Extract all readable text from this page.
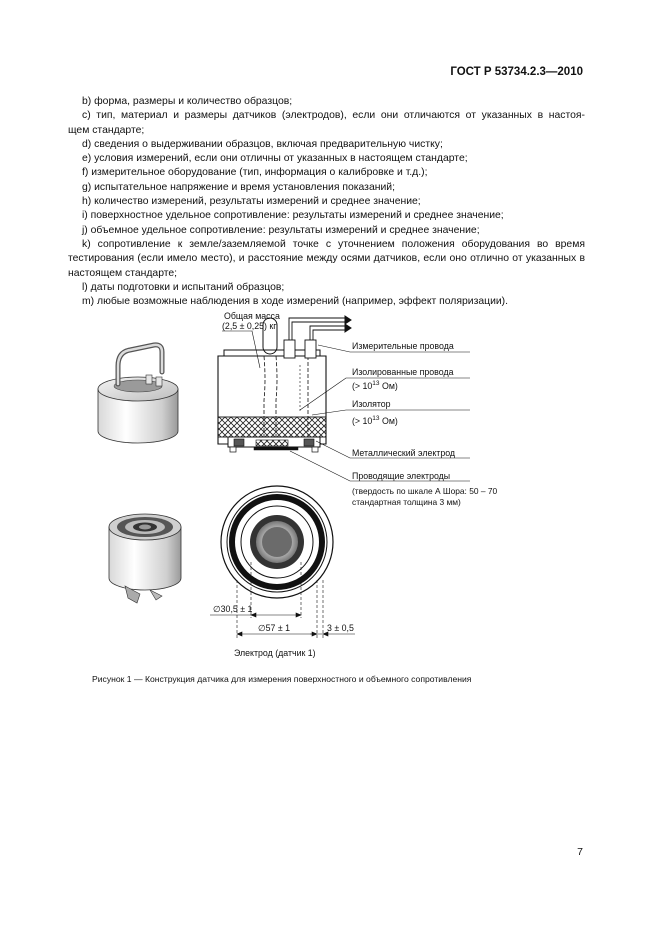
ГОСТ Р 53734.2.3—2010
b) форма, размеры и количество образцов;
c) тип, материал и размеры датчиков (электродов), если они отличаются от указанных в настоя-
щем стандарте;
d) сведения о выдерживании образцов, включая предварительную чистку;
e) условия измерений, если они отличны от указанных в настоящем стандарте;
f) измерительное оборудование (тип, информация о калибровке и т.д.);
g) испытательное напряжение и время установления показаний;
h) количество измерений, результаты измерений и среднее значение;
i) поверхностное удельное сопротивление: результаты измерений и среднее значение;
j) объемное удельное сопротивление: результаты измерений и среднее значение;
k) сопротивление к земле/заземляемой точке с уточнением положения оборудования во время
тестирования (если имело место), и расстояние между осями датчиков, если оно отлично от указанных в
настоящем стандарте;
l) даты подготовки и испытаний образцов;
m) любые возможные наблюдения в ходе измерений (например, эффект поляризации).
Общая масса
(2,5 ± 0,25) кг
Измерительные провода
Изолированные провода
(> $10^{13}$ Ом)
Изолятор
(> $10^{13}$ Ом)
Металлический электрод
Проводящие электроды
(твердость по шкале А Шора: 50 – 70
стандартная толщина 3 мм)
∅30,5 ± 1
∅57 ± 1	3 ± 0,5
Электрод (датчик 1)
Рисунок 1 — Конструкция датчика для измерения поверхностного и объемного сопротивления
7
